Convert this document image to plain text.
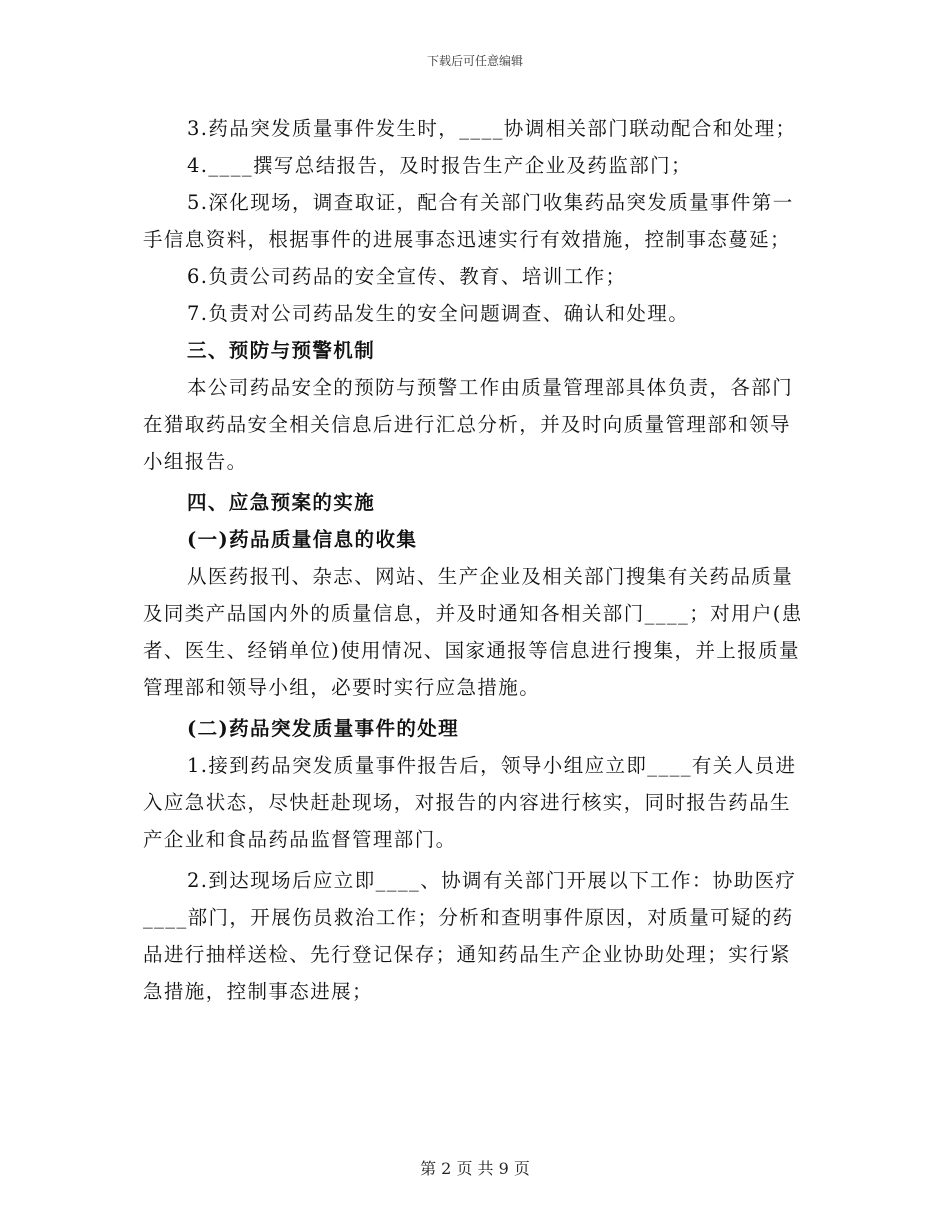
下载后可任意编辑

3.药品突发质量事件发生时，____协调相关部门联动配合和处理；

4.____撰写总结报告，及时报告生产企业及药监部门；

5.深化现场，调查取证，配合有关部门收集药品突发质量事件第一手信息资料，根据事件的进展事态迅速实行有效措施，控制事态蔓延；

6.负责公司药品的安全宣传、教育、培训工作；

7.负责对公司药品发生的安全问题调查、确认和处理。

三、预防与预警机制

本公司药品安全的预防与预警工作由质量管理部具体负责，各部门在猎取药品安全相关信息后进行汇总分析，并及时向质量管理部和领导小组报告。

四、应急预案的实施

(一)药品质量信息的收集

从医药报刊、杂志、网站、生产企业及相关部门搜集有关药品质量及同类产品国内外的质量信息，并及时通知各相关部门____；对用户(患者、医生、经销单位)使用情况、国家通报等信息进行搜集，并上报质量管理部和领导小组，必要时实行应急措施。

(二)药品突发质量事件的处理

1.接到药品突发质量事件报告后，领导小组应立即____有关人员进入应急状态，尽快赶赴现场，对报告的内容进行核实，同时报告药品生产企业和食品药品监督管理部门。

2.到达现场后应立即____、协调有关部门开展以下工作：协助医疗____部门，开展伤员救治工作；分析和查明事件原因，对质量可疑的药品进行抽样送检、先行登记保存；通知药品生产企业协助处理；实行紧急措施，控制事态进展；

第 2 页 共 9 页
